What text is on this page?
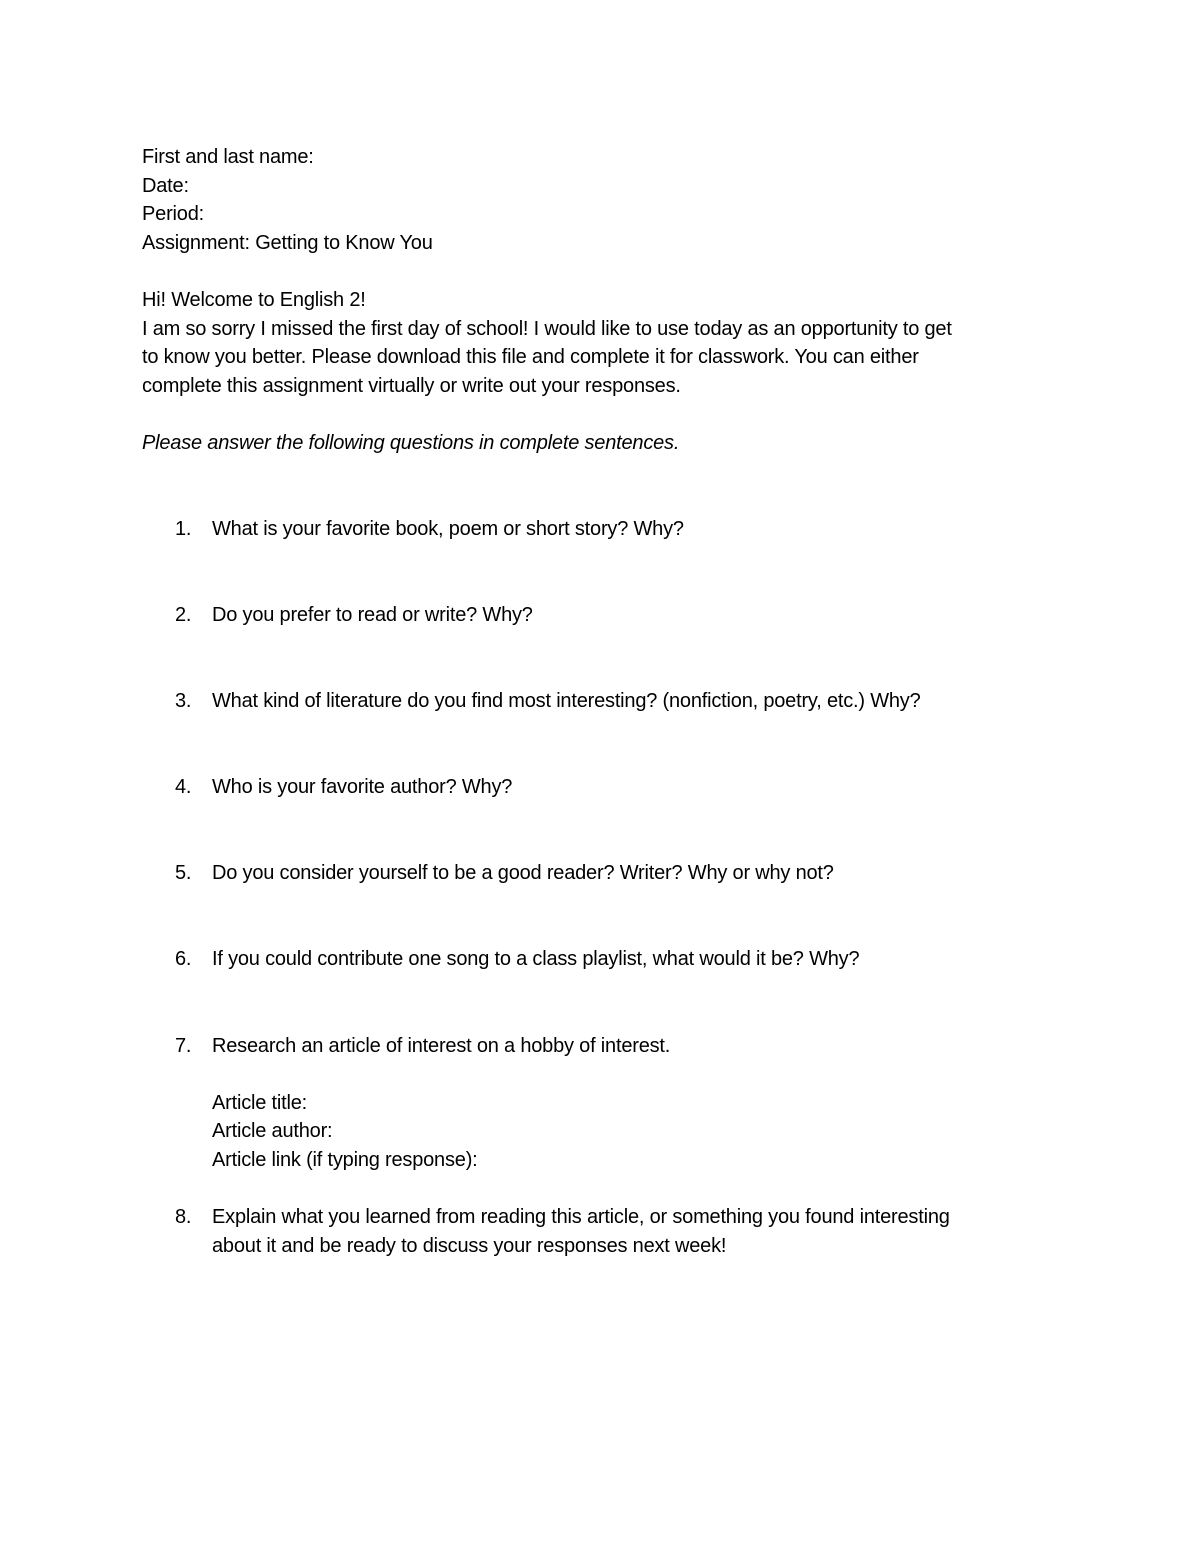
First and last name:

Date:

Period:

Assignment: Getting to Know You

Hi! Welcome to English 2!

I am so sorry I missed the first day of school! I would like to use today as an opportunity to get

to know you better. Please download this file and complete it for classwork. You can either

complete this assignment virtually or write out your responses.

Please answer the following questions in complete sentences.

1. What is your favorite book, poem or short story? Why?
2. Do you prefer to read or write? Why?
3. What kind of literature do you find most interesting? (nonfiction, poetry, etc.) Why?
4. Who is your favorite author? Why?
5. Do you consider yourself to be a good reader? Writer? Why or why not?
6. If you could contribute one song to a class playlist, what would it be? Why?
7. Research an article of interest on a hobby of interest.

Article title:

Article author:

Article link (if typing response):

8. Explain what you learned from reading this article, or something you found interesting
about it and be ready to discuss your responses next week!
